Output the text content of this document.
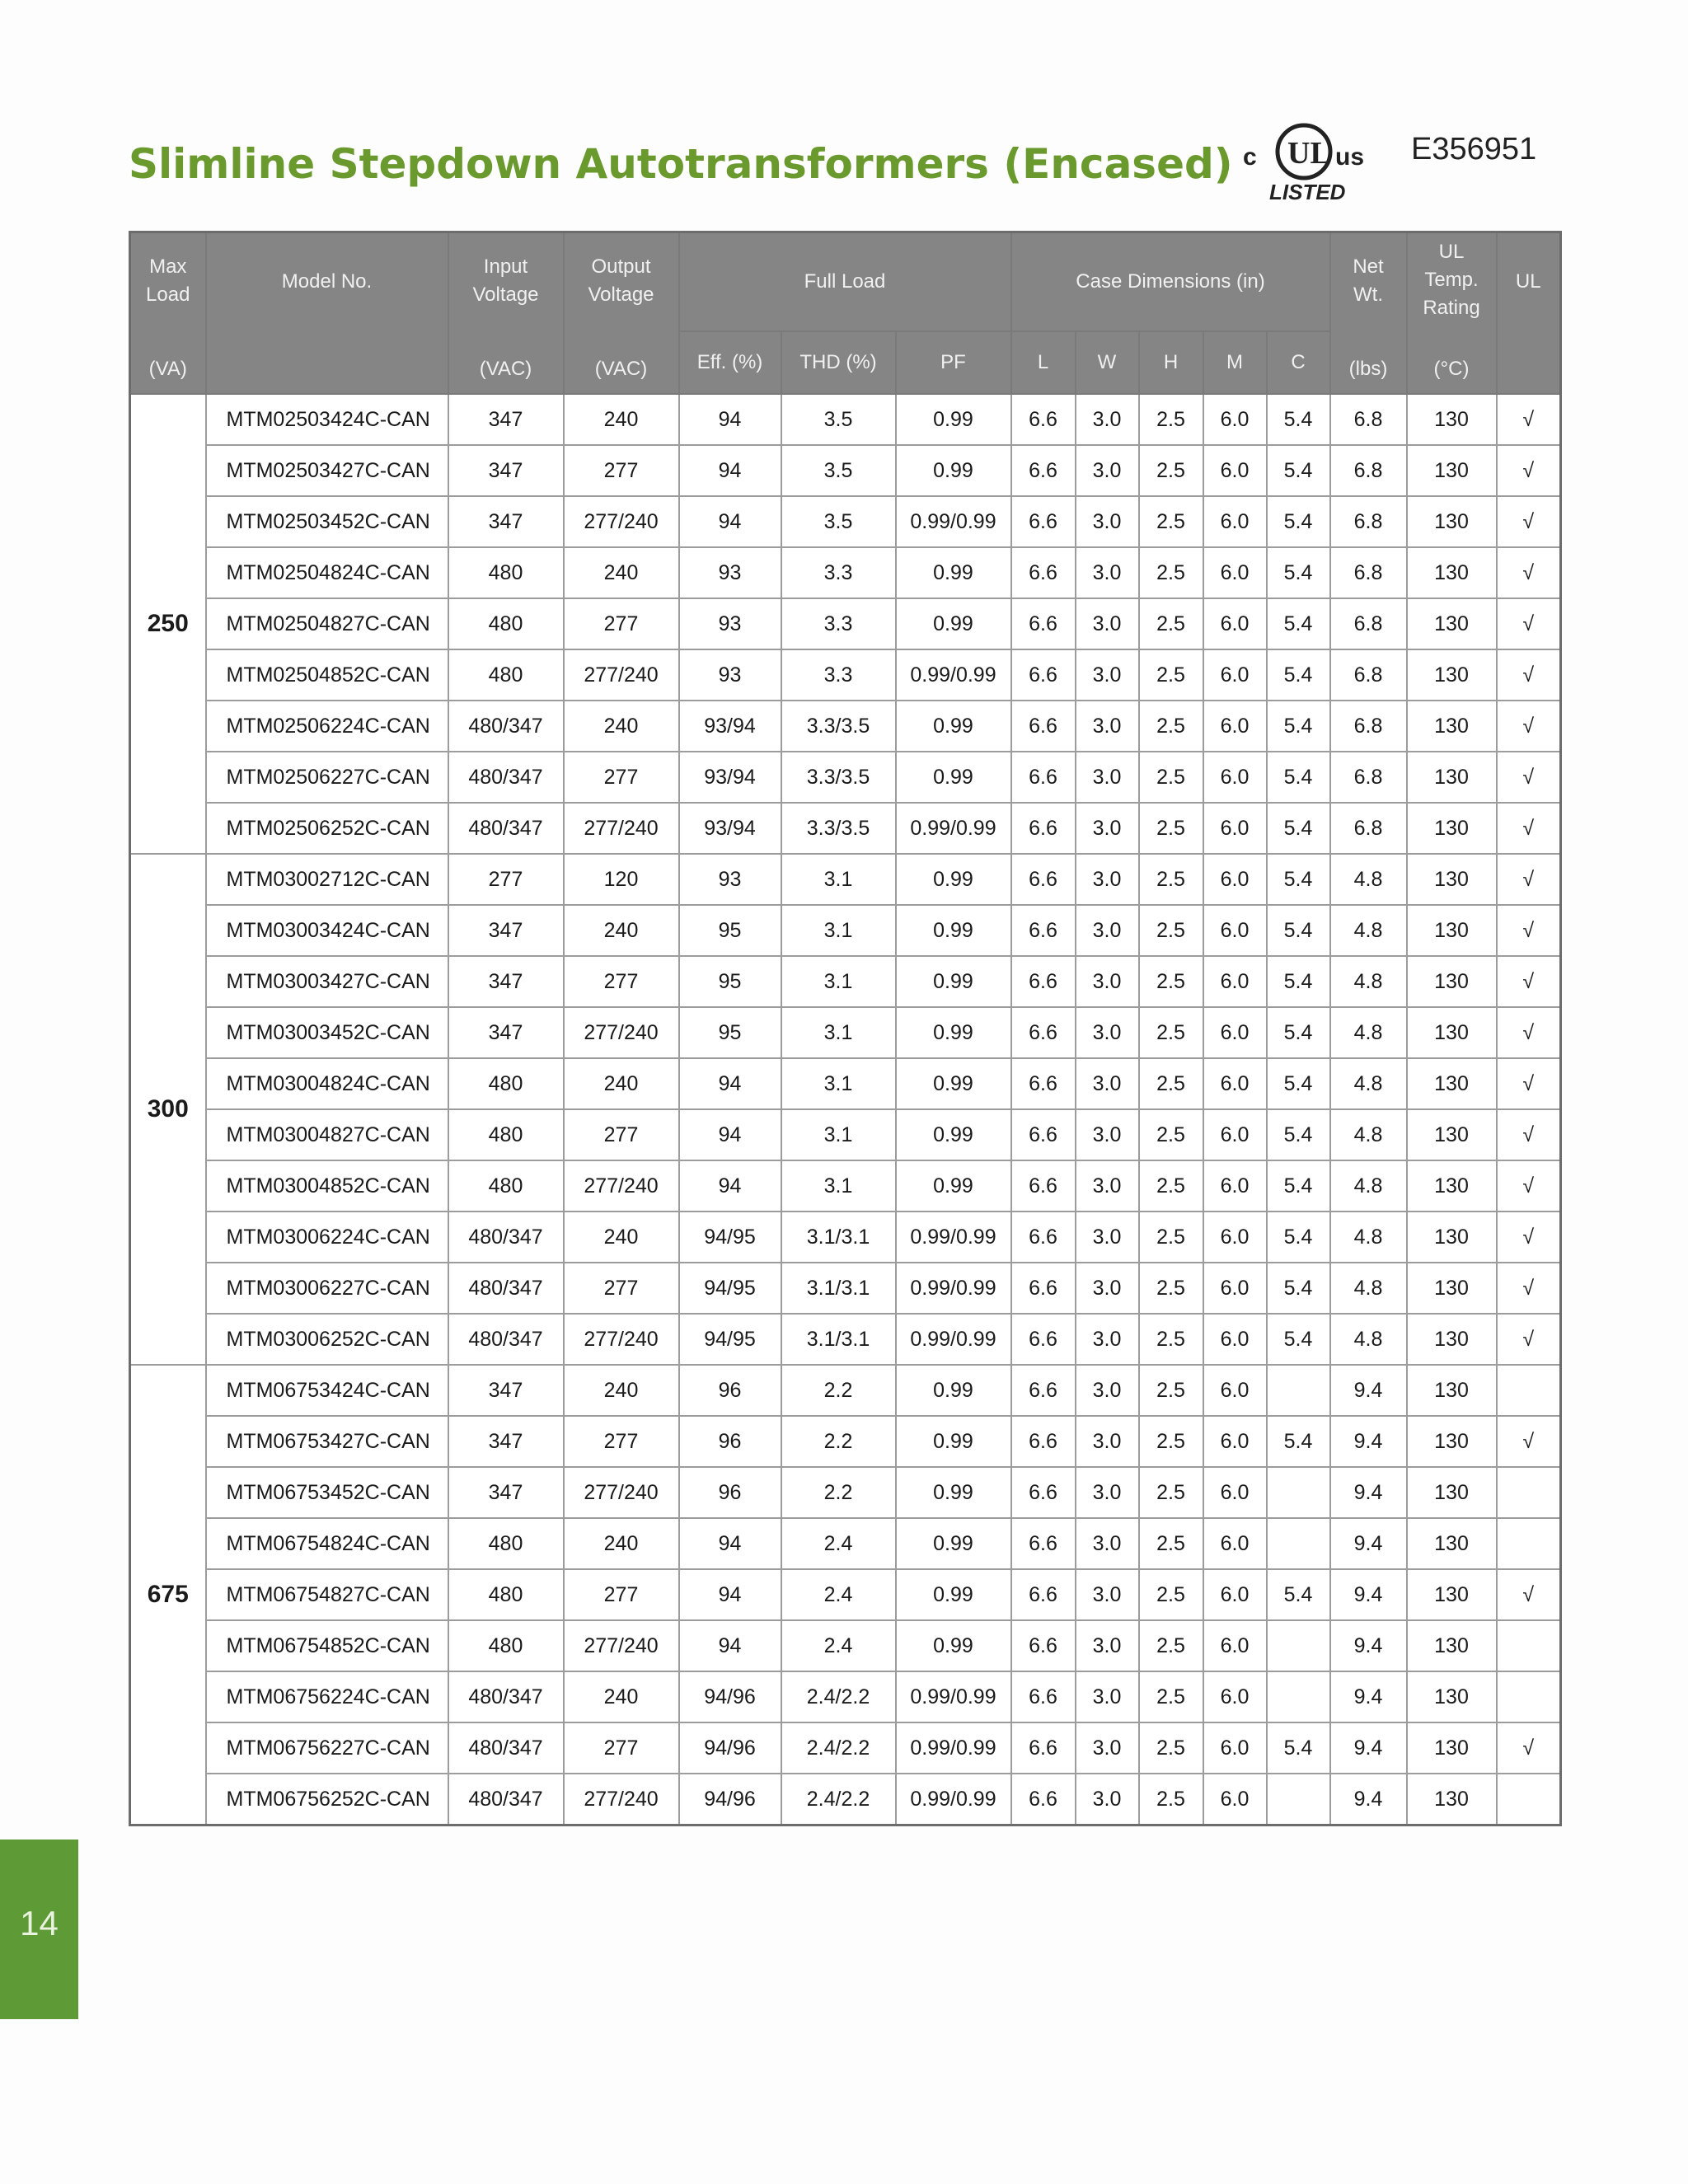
Slimline Stepdown Autotransformers (Encased) c UL us
LISTED
E356951
Max
Load
(VA)	Model No.	Input
Voltage
(VAC)	Output
Voltage
(VAC)	Full Load			Case Dimensions (in)					Net
Wt.
(lbs)	UL
Temp.
Rating
(°C)	UL
				Eff. (%)	THD (%)	PF	L	W	H	M	C			
250	MTM02503424C-CAN	347	240	94	3.5	0.99	6.6	3.0	2.5	6.0	5.4	6.8	130	√
	MTM02503427C-CAN	347	277	94	3.5	0.99	6.6	3.0	2.5	6.0	5.4	6.8	130	√
	MTM02503452C-CAN	347	277/240	94	3.5	0.99/0.99	6.6	3.0	2.5	6.0	5.4	6.8	130	√
	MTM02504824C-CAN	480	240	93	3.3	0.99	6.6	3.0	2.5	6.0	5.4	6.8	130	√
	MTM02504827C-CAN	480	277	93	3.3	0.99	6.6	3.0	2.5	6.0	5.4	6.8	130	√
	MTM02504852C-CAN	480	277/240	93	3.3	0.99/0.99	6.6	3.0	2.5	6.0	5.4	6.8	130	√
	MTM02506224C-CAN	480/347	240	93/94	3.3/3.5	0.99	6.6	3.0	2.5	6.0	5.4	6.8	130	√
	MTM02506227C-CAN	480/347	277	93/94	3.3/3.5	0.99	6.6	3.0	2.5	6.0	5.4	6.8	130	√
	MTM02506252C-CAN	480/347	277/240	93/94	3.3/3.5	0.99/0.99	6.6	3.0	2.5	6.0	5.4	6.8	130	√
300	MTM03002712C-CAN	277	120	93	3.1	0.99	6.6	3.0	2.5	6.0	5.4	4.8	130	√
	MTM03003424C-CAN	347	240	95	3.1	0.99	6.6	3.0	2.5	6.0	5.4	4.8	130	√
	MTM03003427C-CAN	347	277	95	3.1	0.99	6.6	3.0	2.5	6.0	5.4	4.8	130	√
	MTM03003452C-CAN	347	277/240	95	3.1	0.99	6.6	3.0	2.5	6.0	5.4	4.8	130	√
	MTM03004824C-CAN	480	240	94	3.1	0.99	6.6	3.0	2.5	6.0	5.4	4.8	130	√
	MTM03004827C-CAN	480	277	94	3.1	0.99	6.6	3.0	2.5	6.0	5.4	4.8	130	√
	MTM03004852C-CAN	480	277/240	94	3.1	0.99	6.6	3.0	2.5	6.0	5.4	4.8	130	√
	MTM03006224C-CAN	480/347	240	94/95	3.1/3.1	0.99/0.99	6.6	3.0	2.5	6.0	5.4	4.8	130	√
	MTM03006227C-CAN	480/347	277	94/95	3.1/3.1	0.99/0.99	6.6	3.0	2.5	6.0	5.4	4.8	130	√
	MTM03006252C-CAN	480/347	277/240	94/95	3.1/3.1	0.99/0.99	6.6	3.0	2.5	6.0	5.4	4.8	130	√
675	MTM06753424C-CAN	347	240	96	2.2	0.99	6.6	3.0	2.5	6.0		9.4	130	
	MTM06753427C-CAN	347	277	96	2.2	0.99	6.6	3.0	2.5	6.0	5.4	9.4	130	√
	MTM06753452C-CAN	347	277/240	96	2.2	0.99	6.6	3.0	2.5	6.0		9.4	130	
	MTM06754824C-CAN	480	240	94	2.4	0.99	6.6	3.0	2.5	6.0		9.4	130	
	MTM06754827C-CAN	480	277	94	2.4	0.99	6.6	3.0	2.5	6.0	5.4	9.4	130	√
	MTM06754852C-CAN	480	277/240	94	2.4	0.99	6.6	3.0	2.5	6.0		9.4	130	
	MTM06756224C-CAN	480/347	240	94/96	2.4/2.2	0.99/0.99	6.6	3.0	2.5	6.0		9.4	130	
	MTM06756227C-CAN	480/347	277	94/96	2.4/2.2	0.99/0.99	6.6	3.0	2.5	6.0	5.4	9.4	130	√
	MTM06756252C-CAN	480/347	277/240	94/96	2.4/2.2	0.99/0.99	6.6	3.0	2.5	6.0		9.4	130	
14
